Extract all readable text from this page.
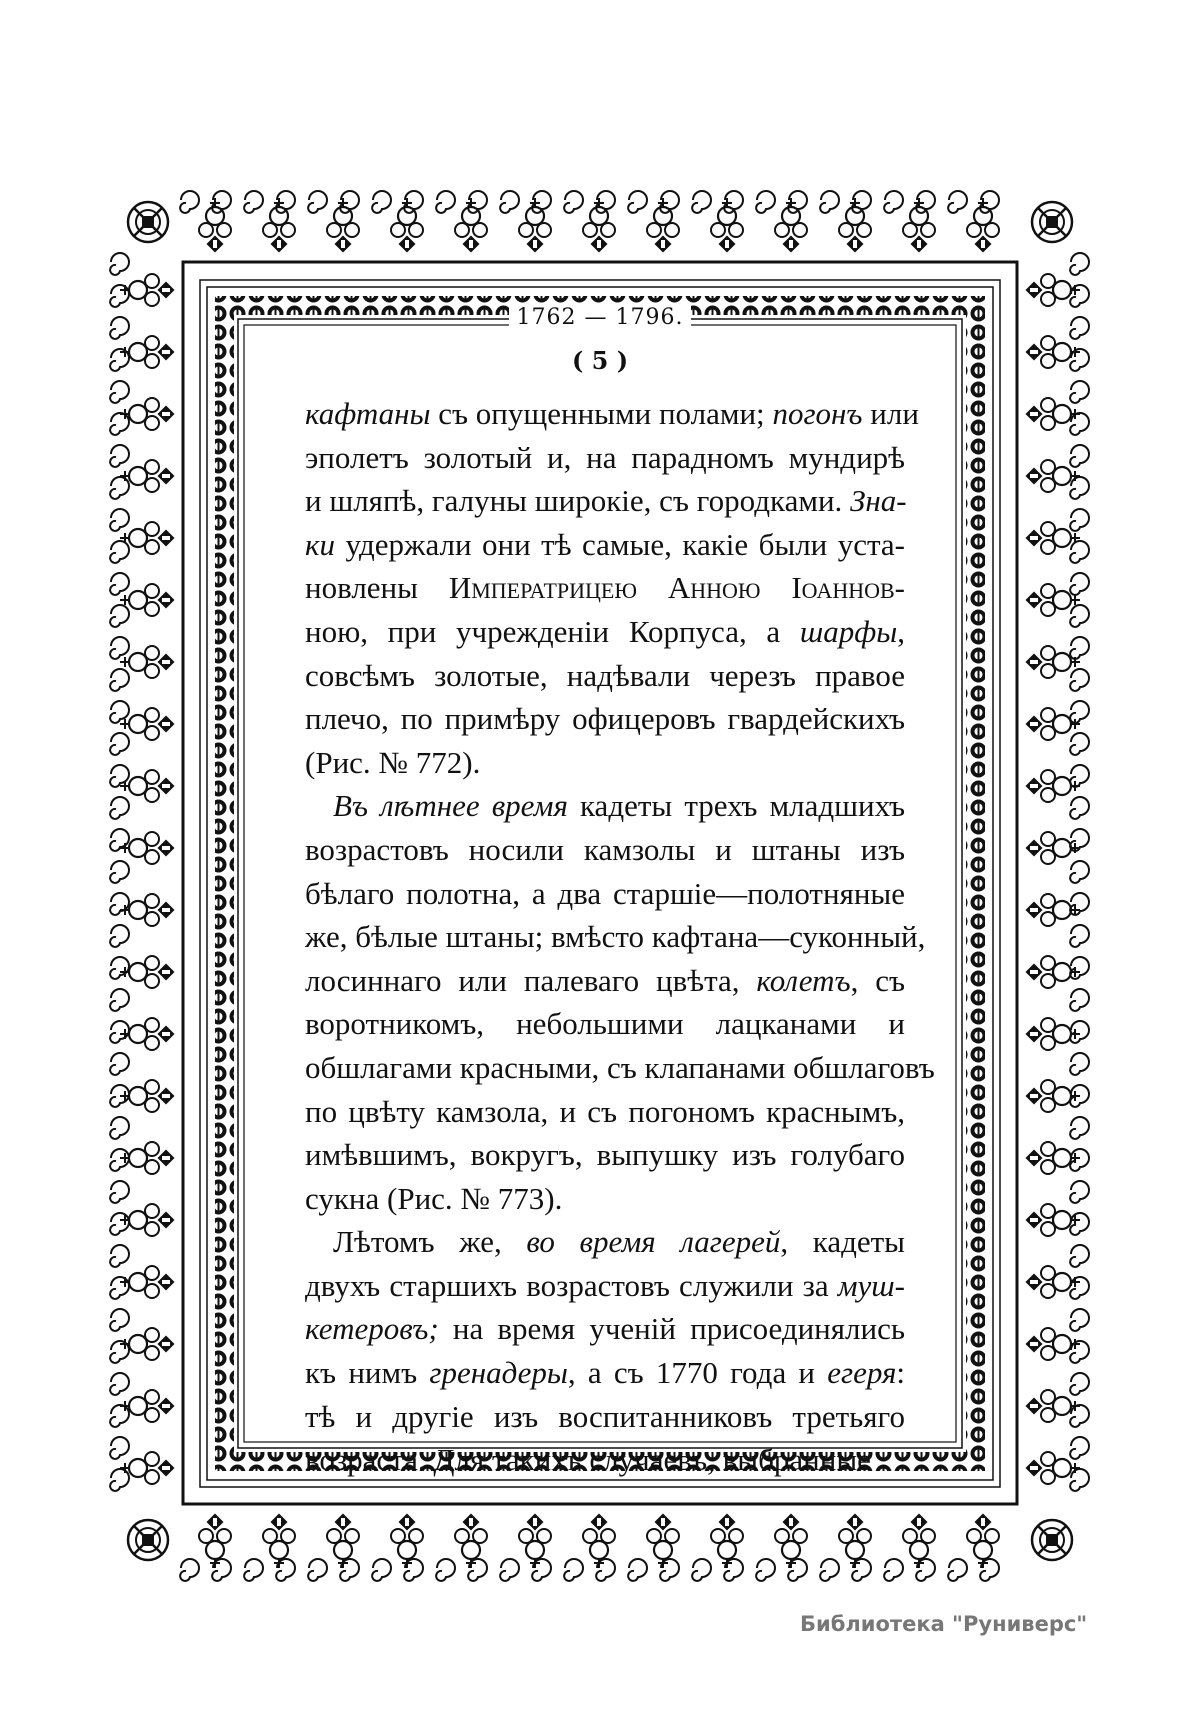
1762 — 1796.
( 5 )
кафтаны съ опущенными полами; погонъ или
эполетъ золотый и, на парадномъ мундирѣ
и шляпѣ, галуны широкіе, съ городками. Зна-
ки удержали они тѣ самые, какіе были уста-
новлены Императрицею Анною Іоаннов-
ною, при учрежденіи Корпуса, а шарфы,
совсѣмъ золотые, надѣвали черезъ правое
плечо, по примѣру офицеровъ гвардейскихъ
(Рис. № 772).
Въ лѣтнее время кадеты трехъ младшихъ
возрастовъ носили камзолы и штаны изъ
бѣлаго полотна, а два старшіе—полотняные
же, бѣлые штаны; вмѣсто кафтана—суконный,
лосиннаго или палеваго цвѣта, колетъ, съ
воротникомъ, небольшими лацканами и
обшлагами красными, съ клапанами обшлаговъ
по цвѣту камзола, и съ погономъ краснымъ,
имѣвшимъ, вокругъ, выпушку изъ голубаго
сукна (Рис. № 773).
Лѣтомъ же, во время лагерей, кадеты
двухъ старшихъ возрастовъ служили за муш-
кетеровъ; на время ученій присоединялись
къ нимъ гренадеры, а съ 1770 года и егеря:
тѣ и другіе изъ воспитанниковъ третьяго
возраста. Для такихъ случаевъ, выбранные
Библиотека "Руниверс"
